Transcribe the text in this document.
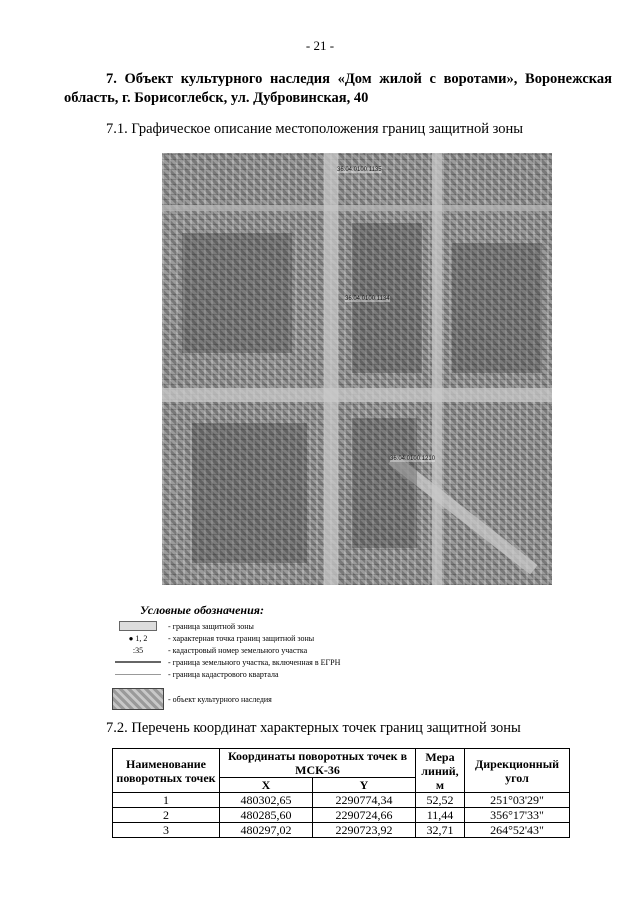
- 21 -
7. Объект культурного наследия «Дом жилой с воротами», Воронежская область, г. Борисоглебск, ул. Дубровинская, 40
7.1. Графическое описание местоположения границ защитной зоны
36:04:0100:1135
36:04:0100:1134
36:04:0100:1210
Условные обозначения:
- граница защитной зоны
● 1, 2	- характерная точка границ защитной зоны
:35	- кадастровый номер земельного участка
- граница земельного участка, включенная в ЕГРН
- граница кадастрового квартала
- объект культурного наследия
7.2. Перечень координат характерных точек границ защитной зоны
Наименование поворотных точек	Координаты поворотных точек в МСК-36		Мера линий, м	Дирекционный угол
	X	Y		
1	480302,65	2290774,34	52,52	251°03'29"
2	480285,60	2290724,66	11,44	356°17'33"
3	480297,02	2290723,92	32,71	264°52'43"
